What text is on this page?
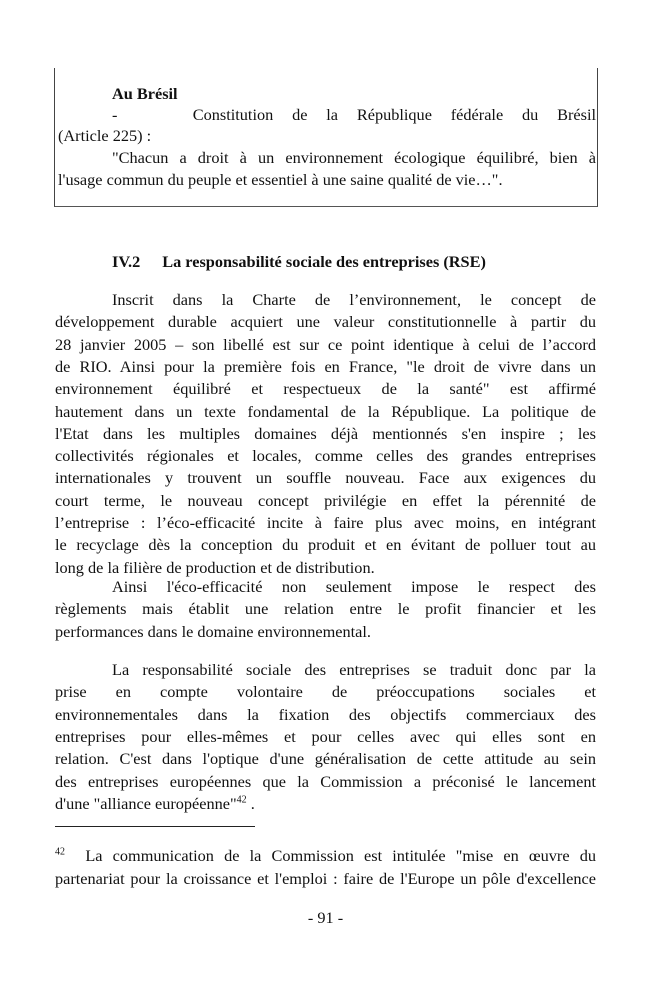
Au Brésil
-    Constitution de la République fédérale du Brésil
(Article 225) :
"Chacun a droit à un environnement écologique équilibré, bien à
l'usage commun du peuple et essentiel à une saine qualité de vie…".
IV.2 La responsabilité sociale des entreprises (RSE)
Inscrit dans la Charte de l’environnement, le concept de
développement durable acquiert une valeur constitutionnelle à partir du
28 janvier 2005 – son libellé est sur ce point identique à celui de l’accord
de RIO. Ainsi pour la première fois en France, "le droit de vivre dans un
environnement équilibré et respectueux de la santé" est affirmé
hautement dans un texte fondamental de la République. La politique de
l'Etat dans les multiples domaines déjà mentionnés s'en inspire ; les
collectivités régionales et locales, comme celles des grandes entreprises
internationales y trouvent un souffle nouveau. Face aux exigences du
court terme, le nouveau concept privilégie en effet la pérennité de
l’entreprise : l’éco-efficacité incite à faire plus avec moins, en intégrant
le recyclage dès la conception du produit et en évitant de polluer tout au
long de la filière de production et de distribution.
Ainsi l'éco-efficacité non seulement impose le respect des
règlements mais établit une relation entre le profit financier et les
performances dans le domaine environnemental.
La responsabilité sociale des entreprises se traduit donc par la
prise en compte volontaire de préoccupations sociales et
environnementales dans la fixation des objectifs commerciaux des
entreprises pour elles-mêmes et pour celles avec qui elles sont en
relation. C'est dans l'optique d'une généralisation de cette attitude au sein
des entreprises européennes que la Commission a préconisé le lancement
d'une "alliance européenne"$^{42}$ .
$^{42}$ La communication de la Commission est intitulée "mise en œuvre du
partenariat pour la croissance et l'emploi : faire de l'Europe un pôle d'excellence
- 91 -
